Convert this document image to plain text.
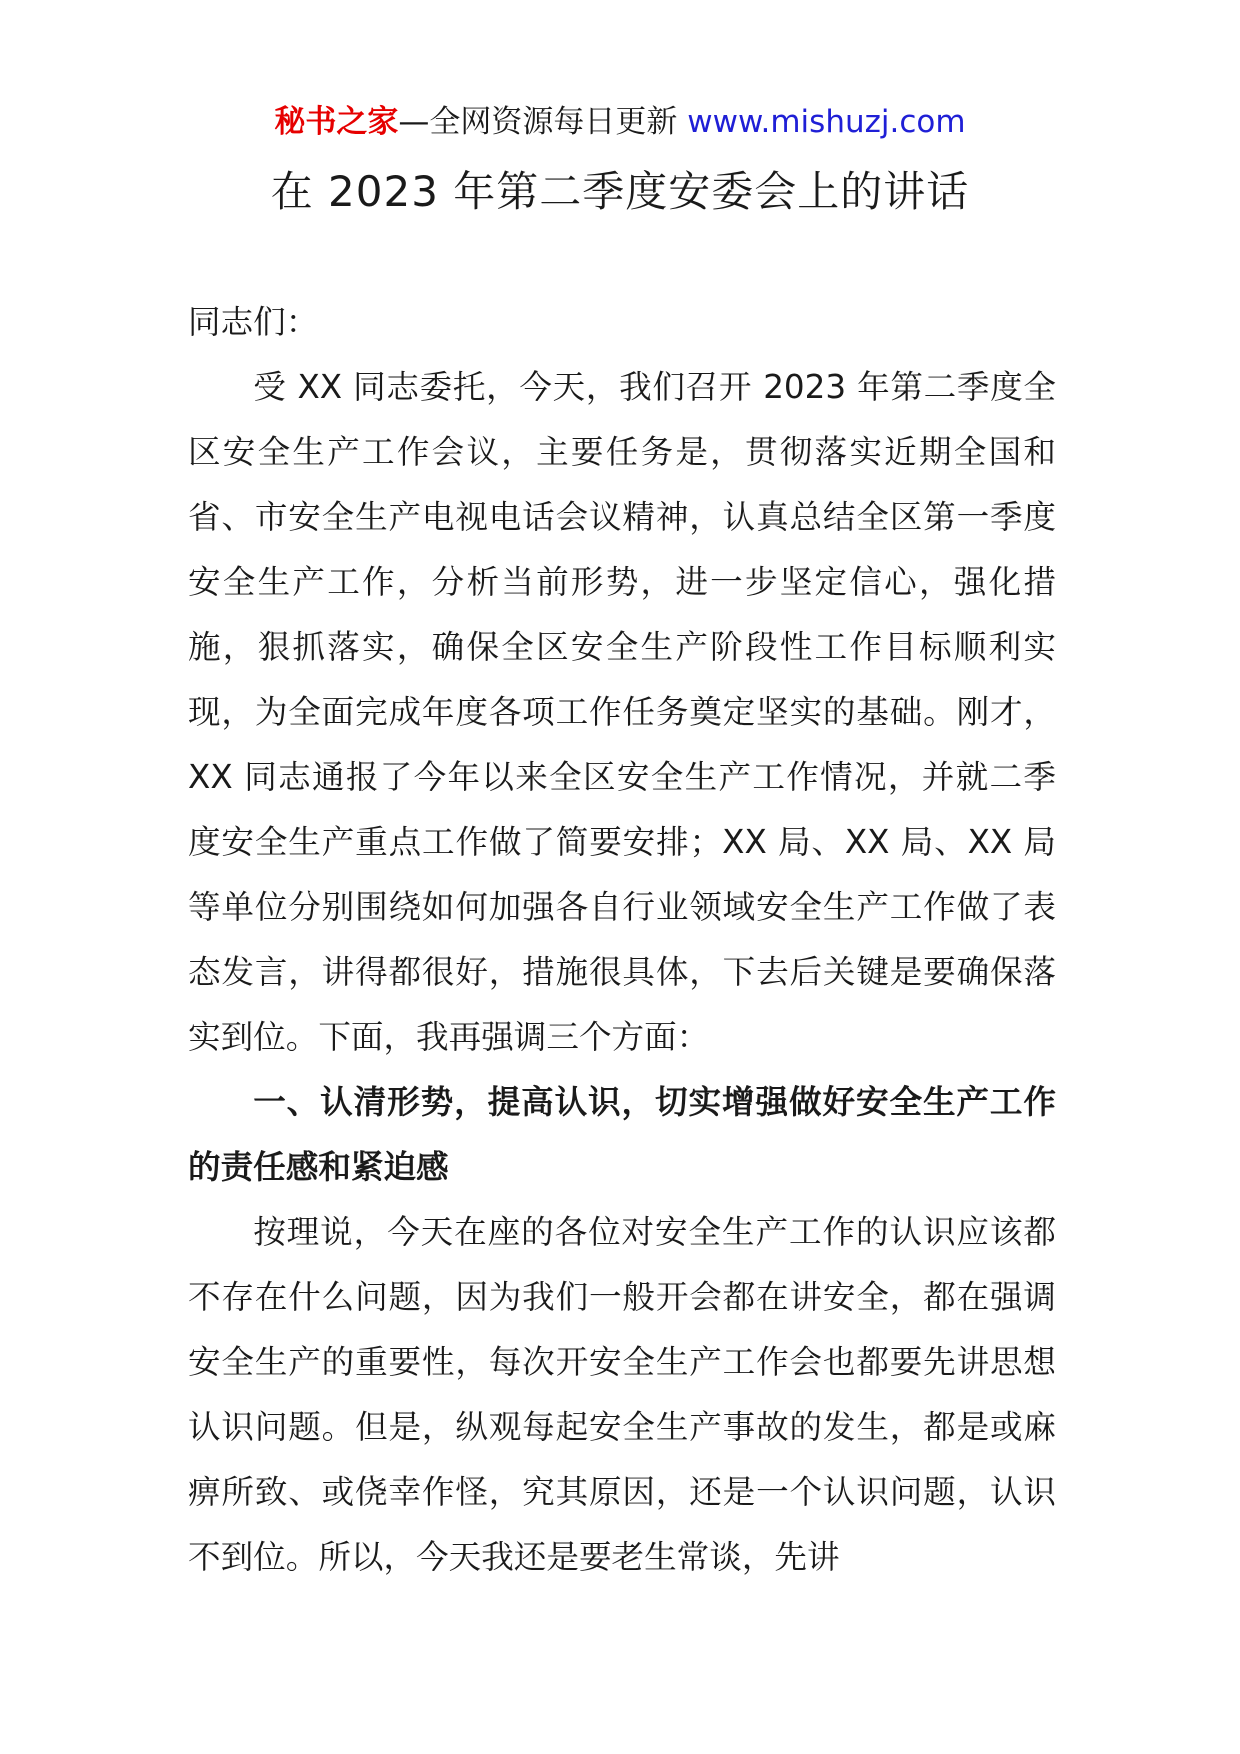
秘书之家—全网资源每日更新 www.mishuzj.com
在 2023 年第二季度安委会上的讲话

同志们：

受 XX 同志委托，今天，我们召开 2023 年第二季度全区安全生产工作会议，主要任务是，贯彻落实近期全国和省、市安全生产电视电话会议精神，认真总结全区第一季度安全生产工作，分析当前形势，进一步坚定信心，强化措施，狠抓落实，确保全区安全生产阶段性工作目标顺利实现，为全面完成年度各项工作任务奠定坚实的基础。刚才，XX 同志通报了今年以来全区安全生产工作情况，并就二季度安全生产重点工作做了简要安排；XX 局、XX 局、XX 局等单位分别围绕如何加强各自行业领域安全生产工作做了表态发言，讲得都很好，措施很具体，下去后关键是要确保落实到位。下面，我再强调三个方面：

一、认清形势，提高认识，切实增强做好安全生产工作的责任感和紧迫感

按理说，今天在座的各位对安全生产工作的认识应该都不存在什么问题，因为我们一般开会都在讲安全，都在强调安全生产的重要性，每次开安全生产工作会也都要先讲思想认识问题。但是，纵观每起安全生产事故的发生，都是或麻痹所致、或侥幸作怪，究其原因，还是一个认识问题，认识不到位。所以，今天我还是要老生常谈，先讲
